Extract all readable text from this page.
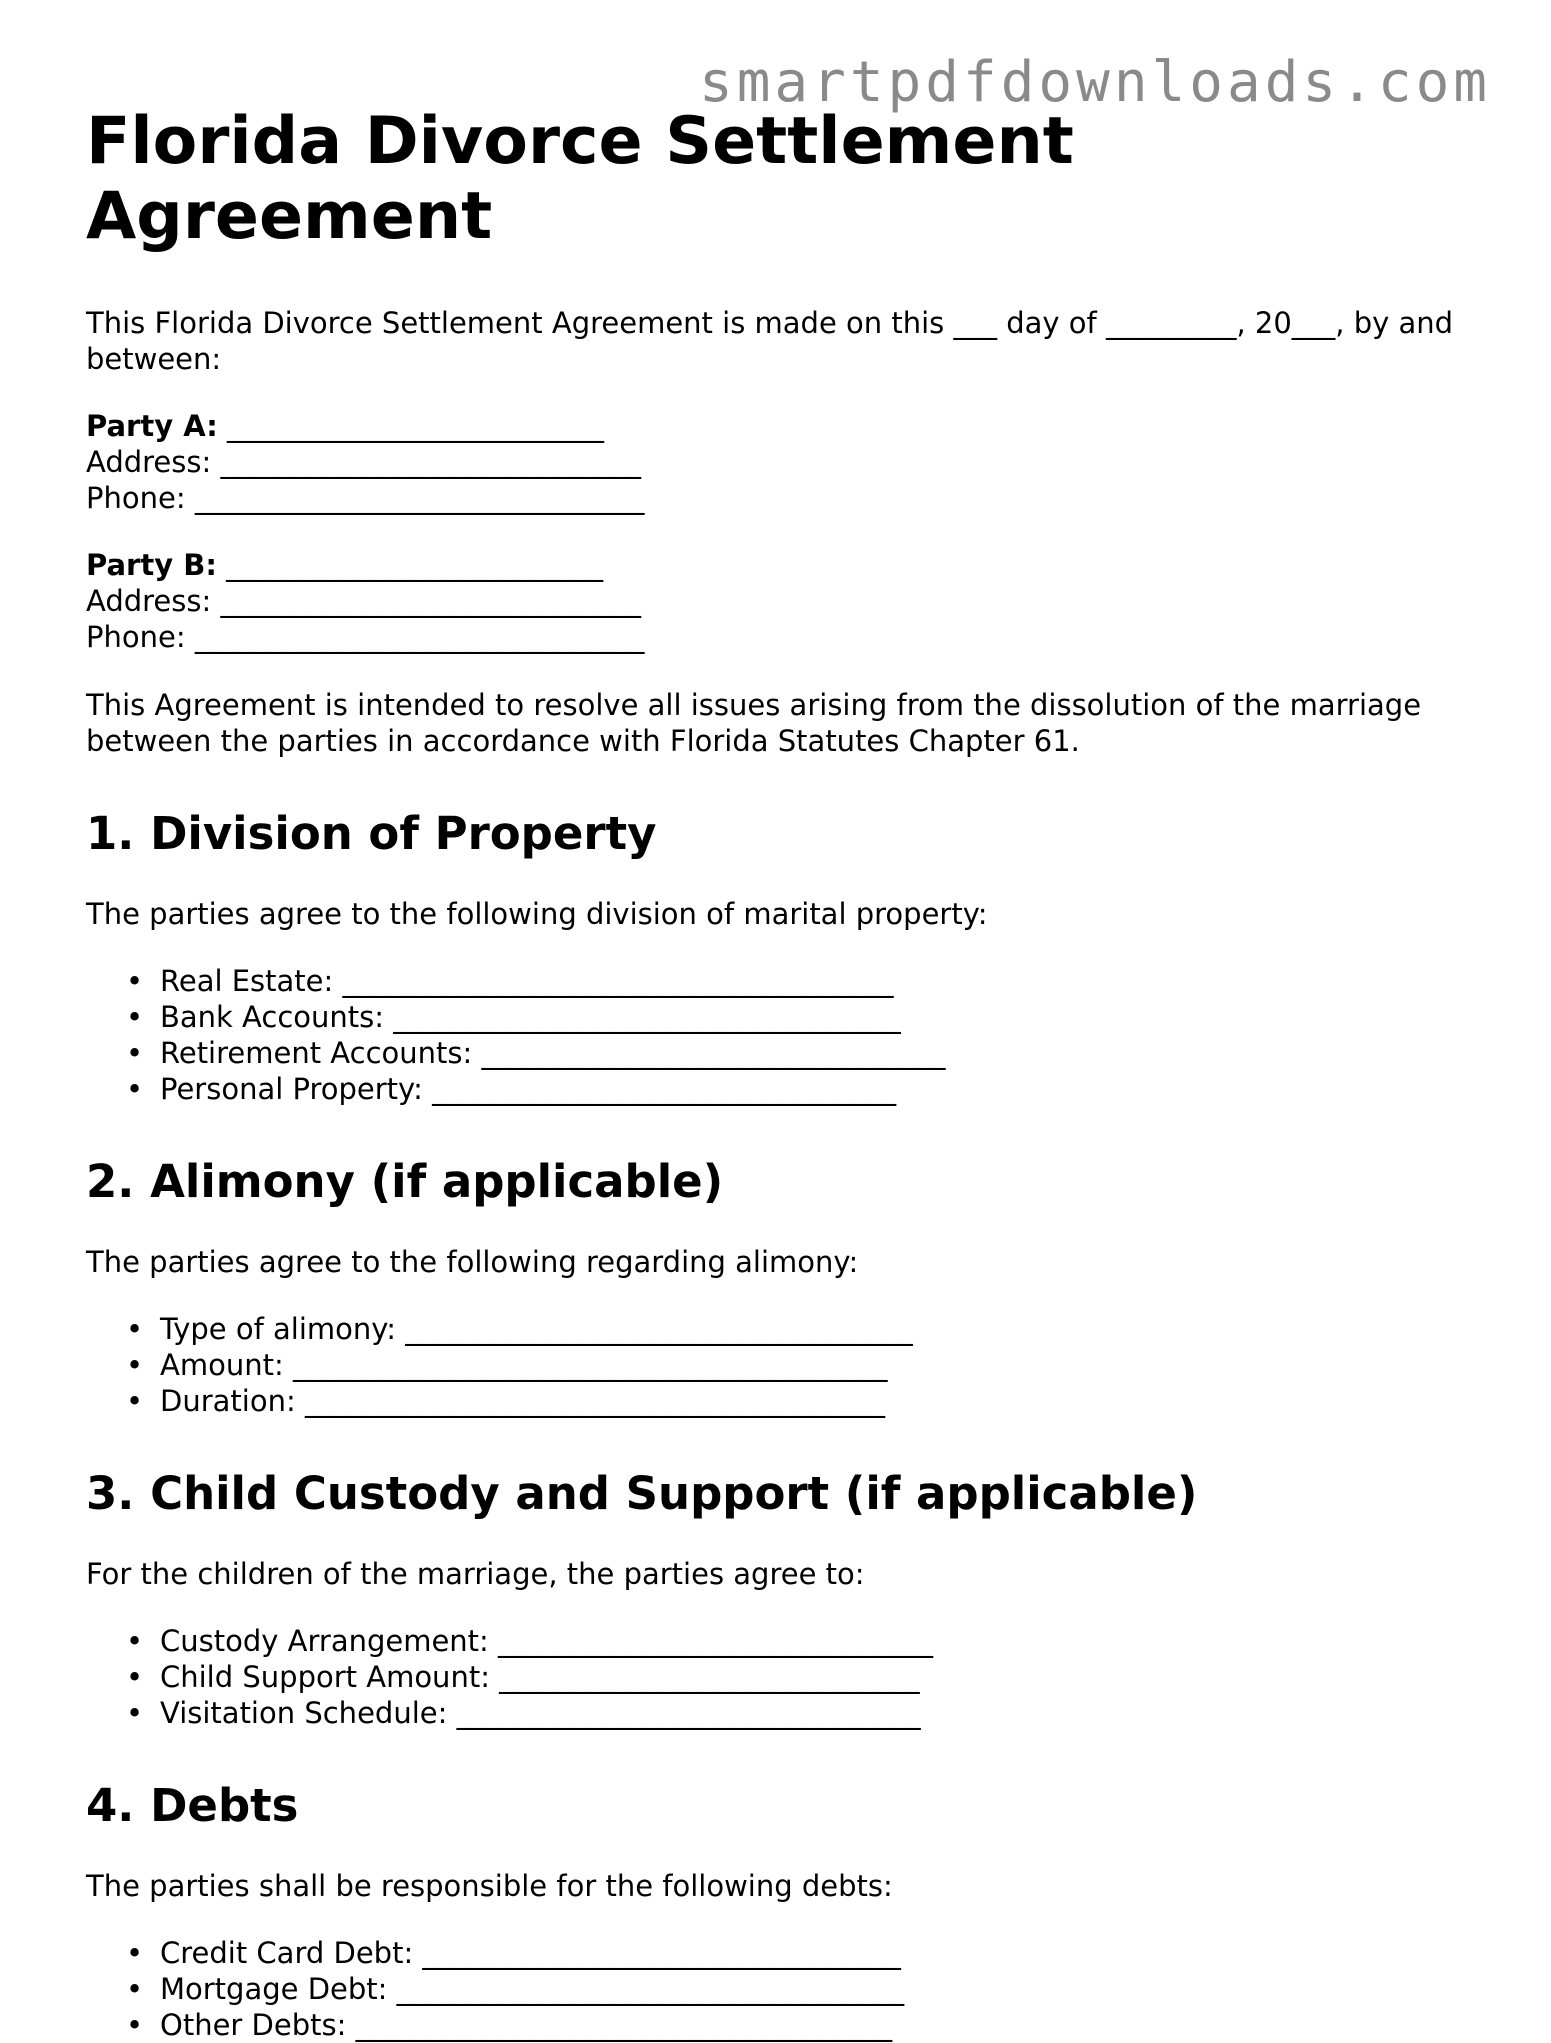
smartpdfdownloads.com
Florida Divorce Settlement Agreement

This Florida Divorce Settlement Agreement is made on this ___ day of _________, 20___, by and between:

Party A: __________________________
Address: _____________________________
Phone: _______________________________
Party B: __________________________
Address: _____________________________
Phone: _______________________________

This Agreement is intended to resolve all issues arising from the dissolution of the marriage between the parties in accordance with Florida Statutes Chapter 61.

1. Division of Property

The parties agree to the following division of marital property:

• Real Estate: ______________________________________
• Bank Accounts: ___________________________________
• Retirement Accounts: ________________________________
• Personal Property: ________________________________
2. Alimony (if applicable)

The parties agree to the following regarding alimony:

• Type of alimony: ___________________________________
• Amount: _________________________________________
• Duration: ________________________________________
3. Child Custody and Support (if applicable)

For the children of the marriage, the parties agree to:

• Custody Arrangement: ______________________________
• Child Support Amount: _____________________________
• Visitation Schedule: ________________________________
4. Debts

The parties shall be responsible for the following debts:

• Credit Card Debt: _________________________________
• Mortgage Debt: ___________________________________
• Other Debts: _____________________________________
